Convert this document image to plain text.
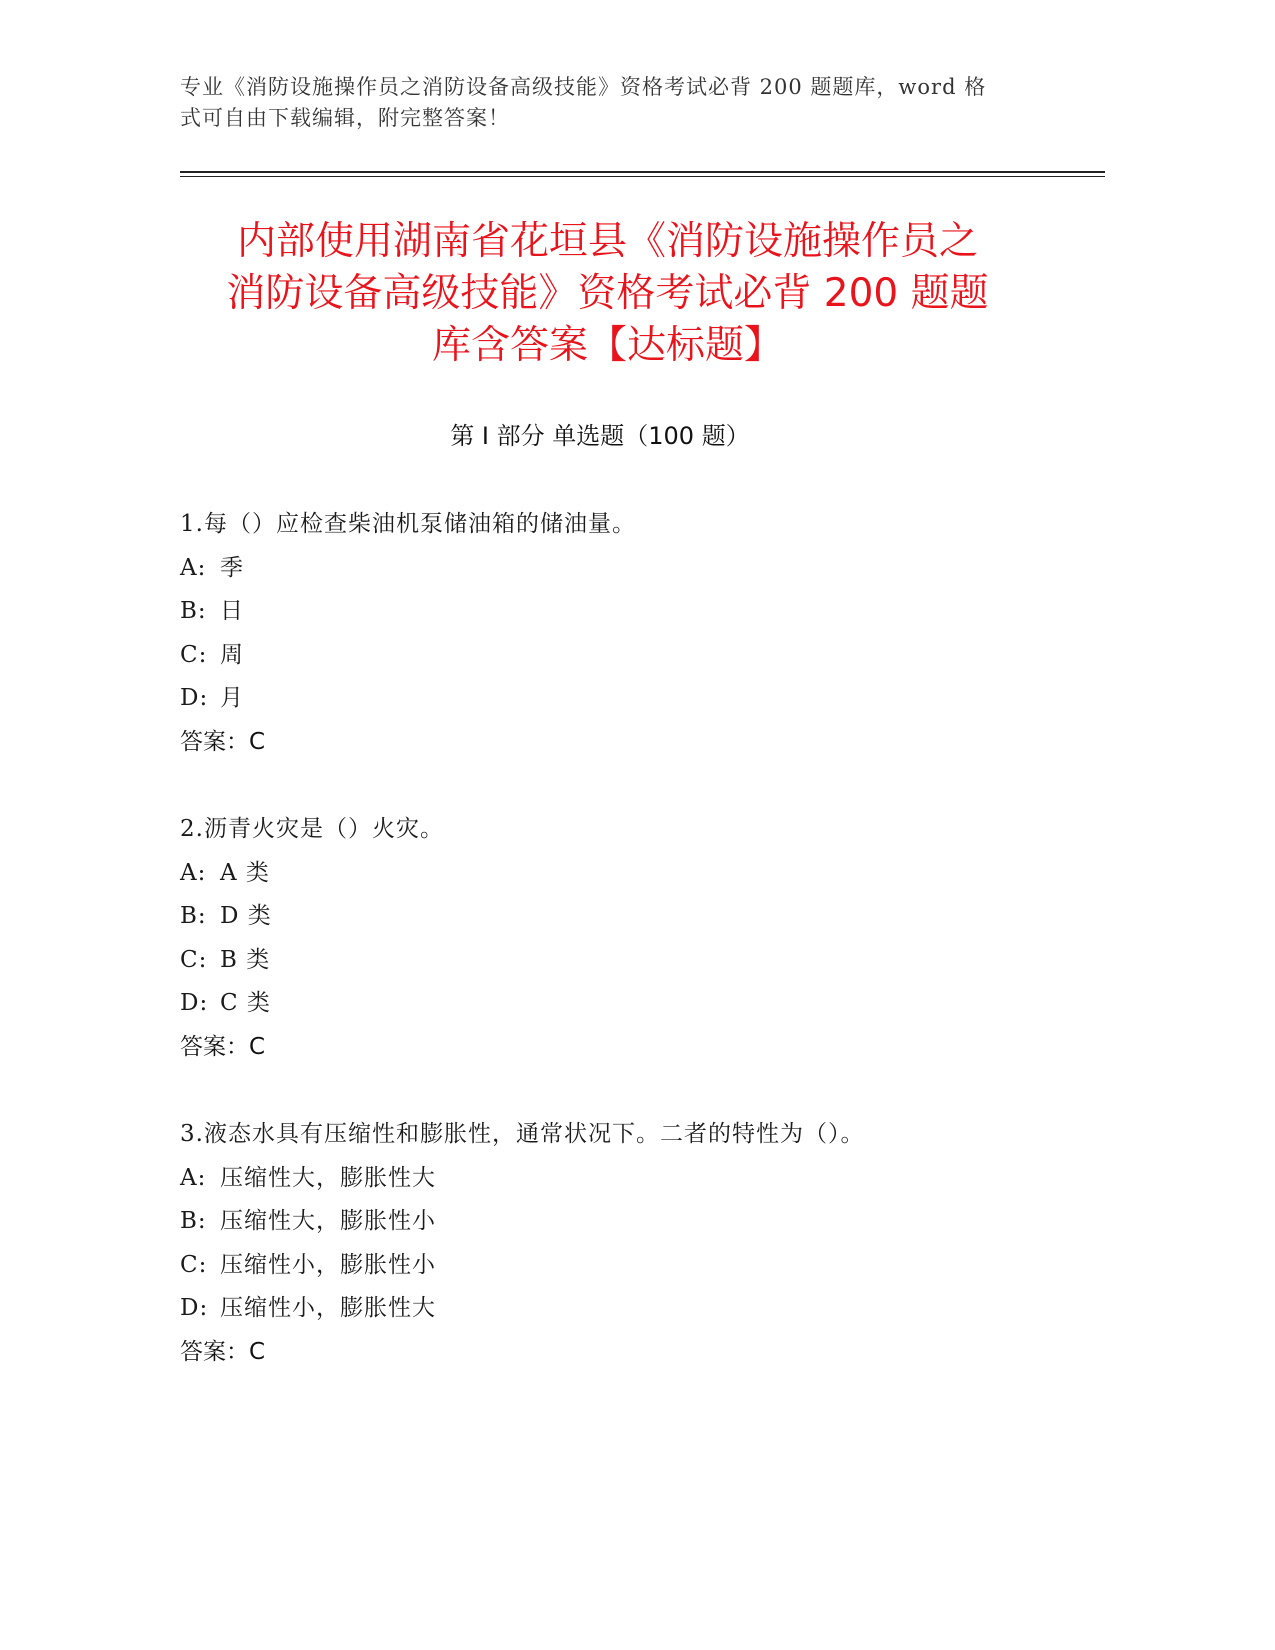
专业《消防设施操作员之消防设备高级技能》资格考试必背 200 题题库，word 格
式可自由下载编辑，附完整答案！
内部使用湖南省花垣县《消防设施操作员之
消防设备高级技能》资格考试必背 200 题题
库含答案【达标题】
第 I 部分 单选题（100 题）
1.每（）应检查柴油机泵储油箱的储油量。
A: 季
B: 日
C: 周
D: 月
答案：C
2.沥青火灾是（）火灾。
A: A 类
B: D 类
C: B 类
D: C 类
答案：C
3.液态水具有压缩性和膨胀性，通常状况下。二者的特性为（）。
A: 压缩性大，膨胀性大
B: 压缩性大，膨胀性小
C: 压缩性小，膨胀性小
D: 压缩性小，膨胀性大
答案：C
